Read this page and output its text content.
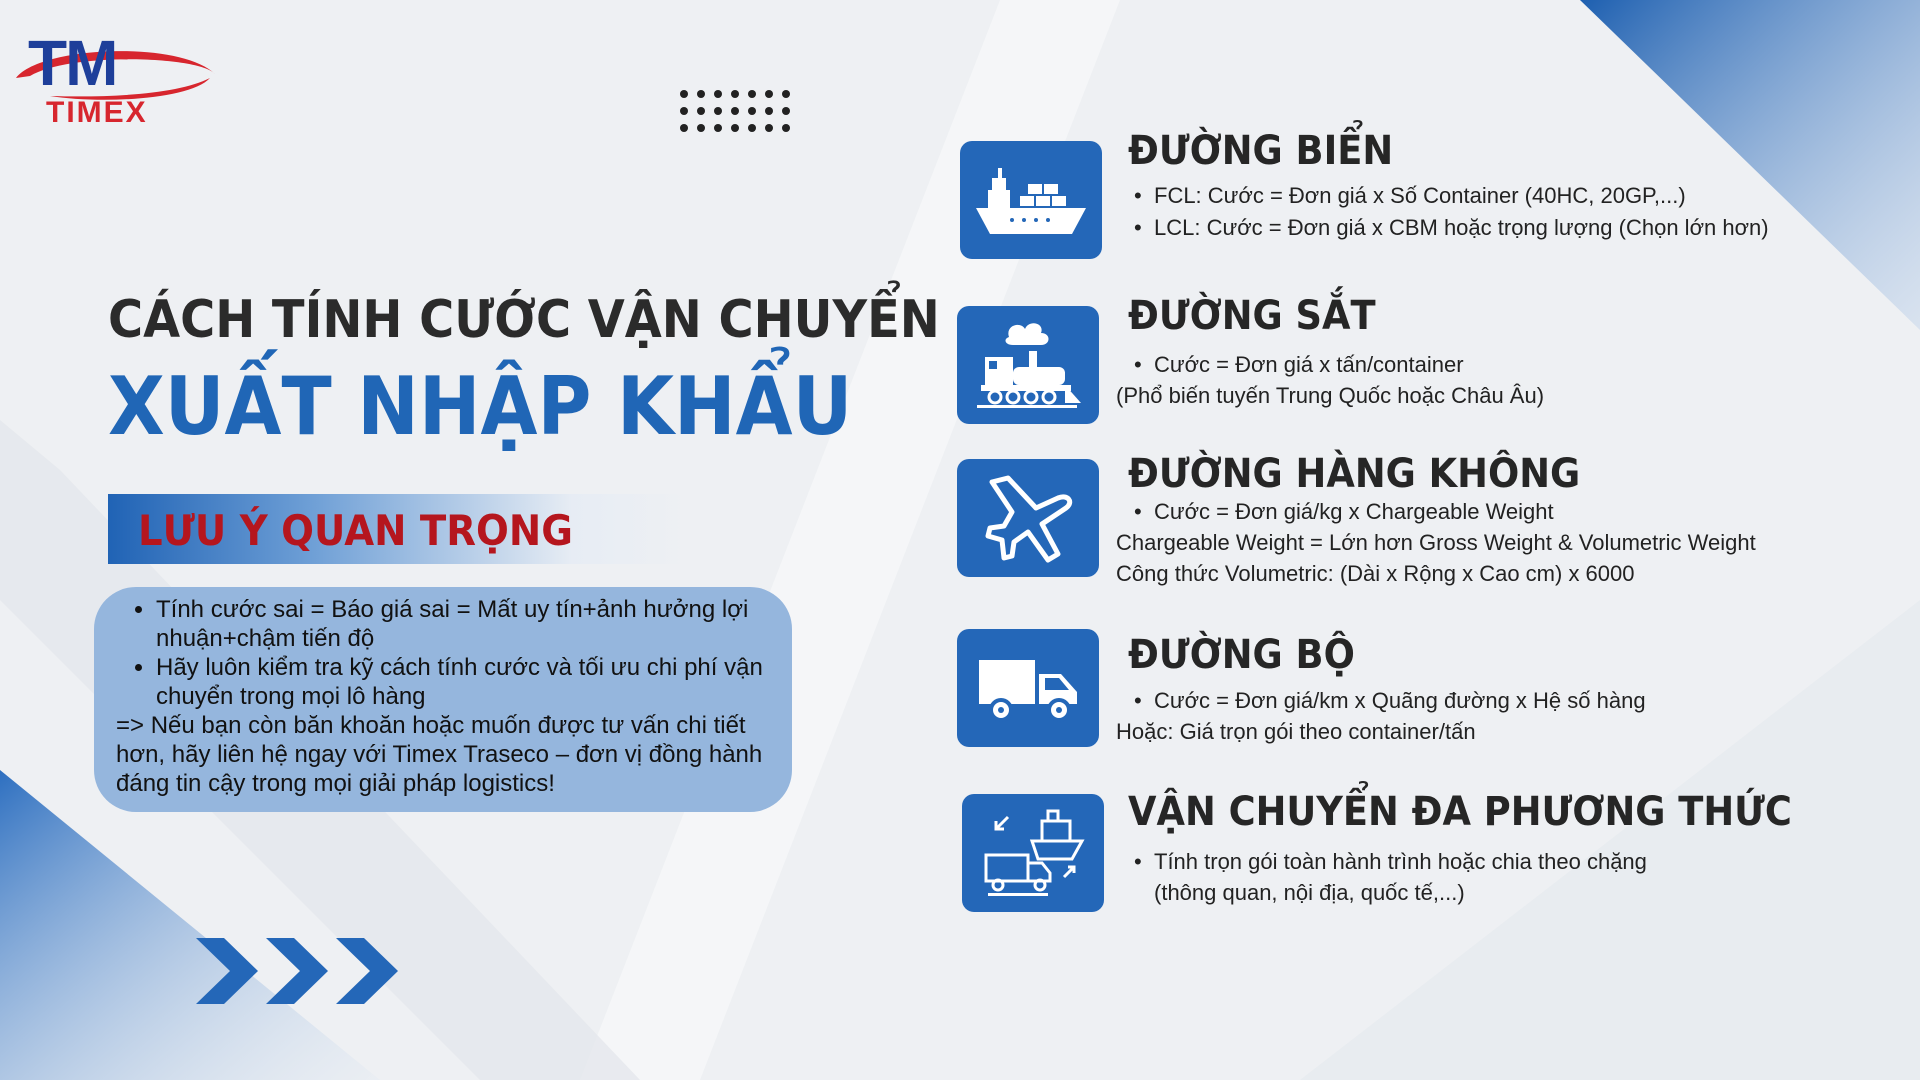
TM
TIMEX
CÁCH TÍNH CƯỚC VẬN CHUYỂN
XUẤT NHẬP KHẨU
LƯU Ý QUAN TRỌNG
• Tính cước sai = Báo giá sai = Mất uy tín+ảnh hưởng lợi nhuận+chậm tiến độ
• Hãy luôn kiểm tra kỹ cách tính cước và tối ưu chi phí vận chuyển trong mọi lô hàng

=> Nếu bạn còn băn khoăn hoặc muốn được tư vấn chi tiết hơn, hãy liên hệ ngay với Timex Traseco – đơn vị đồng hành đáng tin cậy trong mọi giải pháp logistics!

ĐƯỜNG BIỂN
• FCL: Cước = Đơn giá x Số Container (40HC, 20GP,...)
• LCL: Cước = Đơn giá x CBM hoặc trọng lượng (Chọn lớn hơn)
ĐƯỜNG SẮT
• Cước = Đơn giá x tấn/container
(Phổ biến tuyến Trung Quốc hoặc Châu Âu)
ĐƯỜNG HÀNG KHÔNG
• Cước = Đơn giá/kg x Chargeable Weight
Chargeable Weight = Lớn hơn Gross Weight & Volumetric Weight
Công thức Volumetric: (Dài x Rộng x Cao cm) x 6000
ĐƯỜNG BỘ
• Cước = Đơn giá/km x Quãng đường x Hệ số hàng
Hoặc: Giá trọn gói theo container/tấn
VẬN CHUYỂN ĐA PHƯƠNG THỨC
• Tính trọn gói toàn hành trình hoặc chia theo chặng
(thông quan, nội địa, quốc tế,...)
